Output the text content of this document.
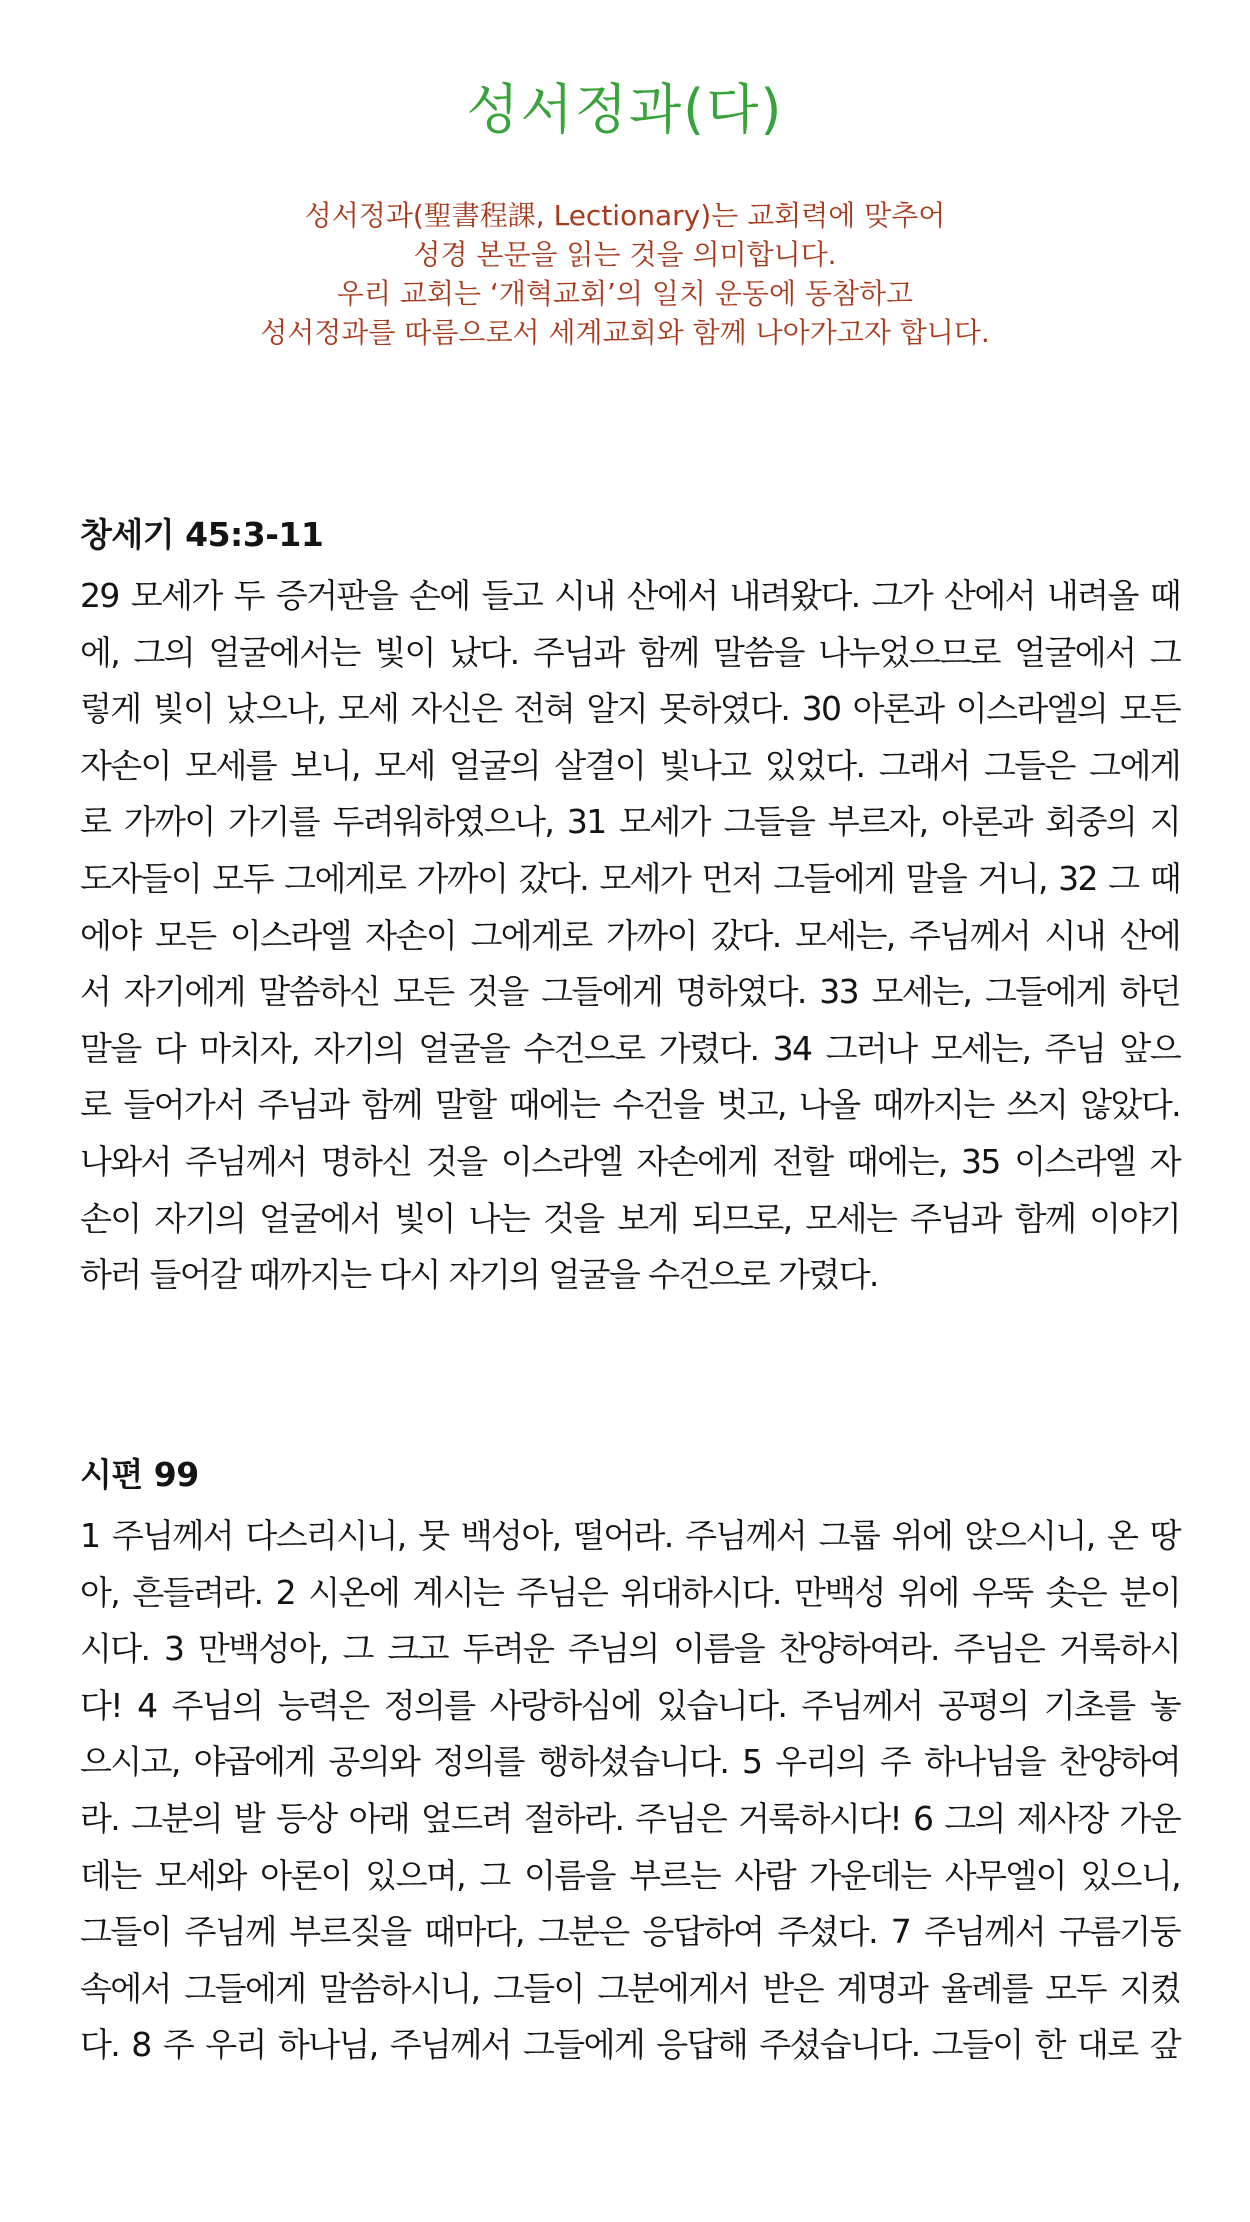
성서정과(다)
성서정과(聖書程課, Lectionary)는 교회력에 맞추어
성경 본문을 읽는 것을 의미합니다.
우리 교회는 ‘개혁교회’의 일치 운동에 동참하고
성서정과를 따름으로서 세계교회와 함께 나아가고자 합니다.
창세기 45:3-11

29 모세가 두 증거판을 손에 들고 시내 산에서 내려왔다. 그가 산에서 내려올 때
에, 그의 얼굴에서는 빛이 났다. 주님과 함께 말씀을 나누었으므로 얼굴에서 그
렇게 빛이 났으나, 모세 자신은 전혀 알지 못하였다. 30 아론과 이스라엘의 모든
자손이 모세를 보니, 모세 얼굴의 살결이 빛나고 있었다. 그래서 그들은 그에게
로 가까이 가기를 두려워하였으나, 31 모세가 그들을 부르자, 아론과 회중의 지
도자들이 모두 그에게로 가까이 갔다. 모세가 먼저 그들에게 말을 거니, 32 그 때
에야 모든 이스라엘 자손이 그에게로 가까이 갔다. 모세는, 주님께서 시내 산에
서 자기에게 말씀하신 모든 것을 그들에게 명하였다. 33 모세는, 그들에게 하던
말을 다 마치자, 자기의 얼굴을 수건으로 가렸다. 34 그러나 모세는, 주님 앞으
로 들어가서 주님과 함께 말할 때에는 수건을 벗고, 나올 때까지는 쓰지 않았다.
나와서 주님께서 명하신 것을 이스라엘 자손에게 전할 때에는, 35 이스라엘 자
손이 자기의 얼굴에서 빛이 나는 것을 보게 되므로, 모세는 주님과 함께 이야기
하러 들어갈 때까지는 다시 자기의 얼굴을 수건으로 가렸다.

시편 99

1 주님께서 다스리시니, 뭇 백성아, 떨어라. 주님께서 그룹 위에 앉으시니, 온 땅
아, 흔들려라. 2 시온에 계시는 주님은 위대하시다. 만백성 위에 우뚝 솟은 분이
시다. 3 만백성아, 그 크고 두려운 주님의 이름을 찬양하여라. 주님은 거룩하시
다! 4 주님의 능력은 정의를 사랑하심에 있습니다. 주님께서 공평의 기초를 놓
으시고, 야곱에게 공의와 정의를 행하셨습니다. 5 우리의 주 하나님을 찬양하여
라. 그분의 발 등상 아래 엎드려 절하라. 주님은 거룩하시다! 6 그의 제사장 가운
데는 모세와 아론이 있으며, 그 이름을 부르는 사람 가운데는 사무엘이 있으니,
그들이 주님께 부르짖을 때마다, 그분은 응답하여 주셨다. 7 주님께서 구름기둥
속에서 그들에게 말씀하시니, 그들이 그분에게서 받은 계명과 율례를 모두 지켰
다. 8 주 우리 하나님, 주님께서 그들에게 응답해 주셨습니다. 그들이 한 대로 갚
